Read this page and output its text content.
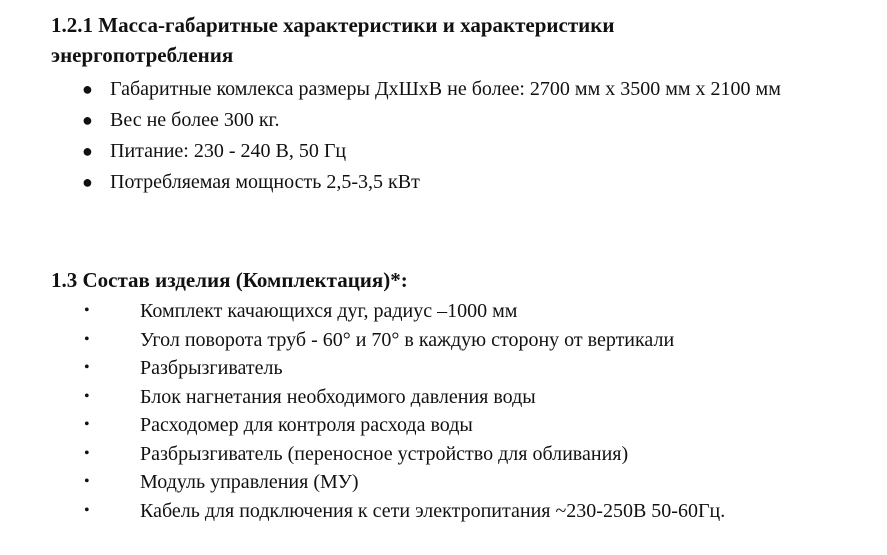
1.2.1 Масса-габаритные характеристики и характеристики
энергопотребления
● Габаритные комлекса размеры ДхШхВ не более: 2700 мм х 3500 мм х 2100 мм
● Вес не более 300 кг.
● Питание: 230 - 240 В, 50 Гц
● Потребляемая мощность 2,5-3,5 кВт
1.3 Состав изделия (Комплектация)*:
•	Комплект качающихся дуг, радиус –1000 мм
•	Угол поворота труб - 60° и 70° в каждую сторону от вертикали
•	Разбрызгиватель
•	Блок нагнетания необходимого давления воды
•	Расходомер для контроля расхода воды
•	Разбрызгиватель (переносное устройство для обливания)
•	Модуль управления (МУ)
•	Кабель для подключения к сети электропитания ~230-250В 50-60Гц.
